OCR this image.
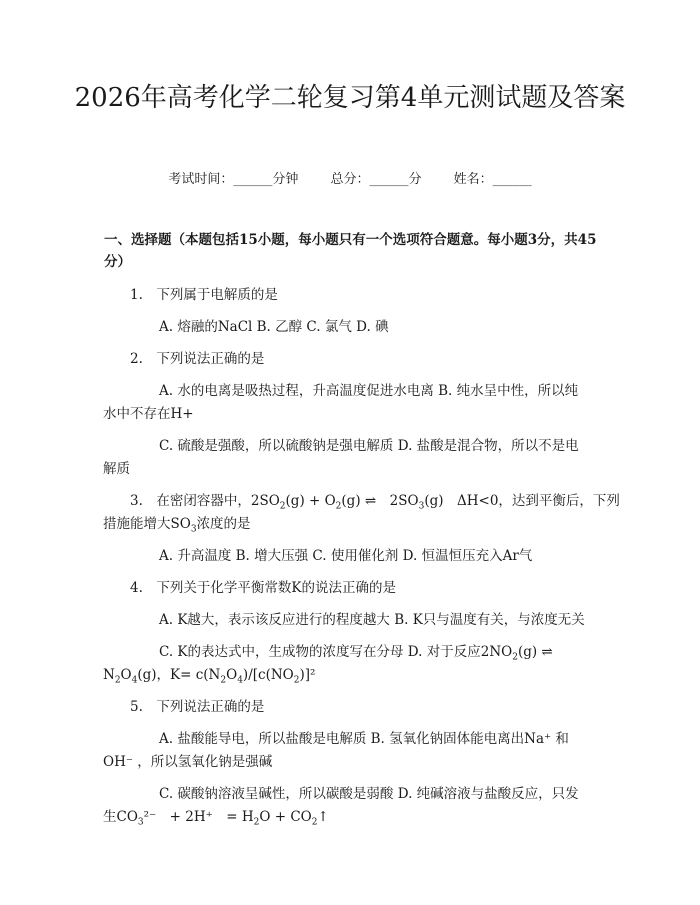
2026年高考化学二轮复习第4单元测试题及答案
考试时间：______分钟 总分：______分 姓名：______
一、选择题（本题包括15小题，每小题只有一个选项符合题意。每小题3分，共45分）
1.　下列属于电解质的是
A. 熔融的NaCl B. 乙醇 C. 氯气 D. 碘
2.　下列说法正确的是
A. 水的电离是吸热过程，升高温度促进水电离 B. 纯水呈中性，所以纯
水中不存在H+
C. 硫酸是强酸，所以硫酸钠是强电解质 D. 盐酸是混合物，所以不是电
解质
3.　在密闭容器中，$2SO_2(g) + O_2(g)$ ⇌　$2SO_3(g)$　ΔH<0，达到平衡后，下列
措施能增大$SO_3$浓度的是
A. 升高温度 B. 增大压强 C. 使用催化剂 D. 恒温恒压充入Ar气
4.　下列关于化学平衡常数K的说法正确的是
A. K越大，表示该反应进行的程度越大 B. K只与温度有关，与浓度无关
C. K的表达式中，生成物的浓度写在分母 D. 对于反应$2NO_2(g)$ ⇌
$N_2O_4(g)$，$K= c(N_2O_4)/[c(NO_2)]^2$
5.　下列说法正确的是
A. 盐酸能导电，所以盐酸是电解质 B. 氢氧化钠固体能电离出Na⁺ 和
OH⁻ ，所以氢氧化钠是强碱
C. 碳酸钠溶液呈碱性，所以碳酸是弱酸 D. 纯碱溶液与盐酸反应，只发
生$CO_3^{2-}$　+ 2H⁺　= $H_2O$ + $CO_2↑$
